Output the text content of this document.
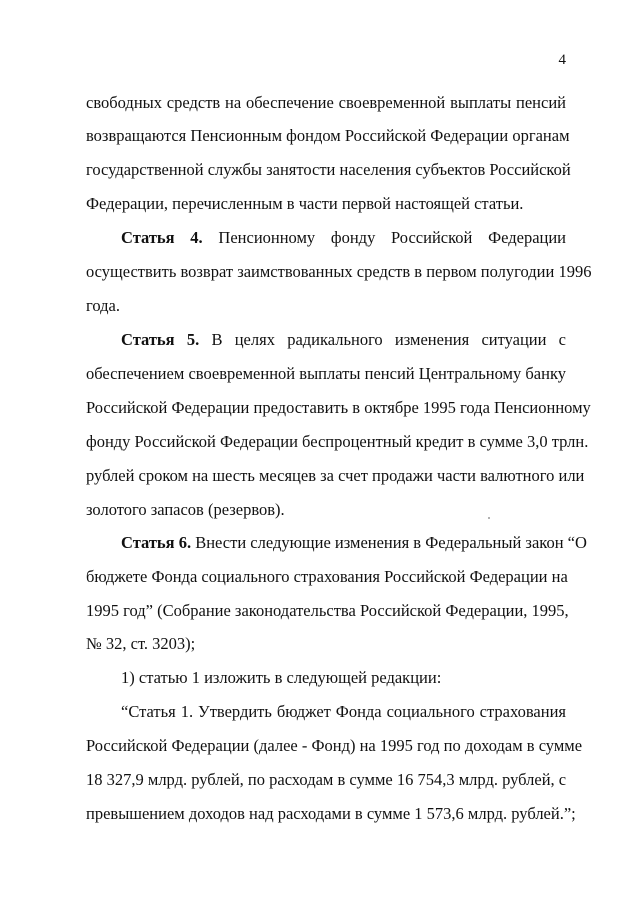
4
свободных средств на обеспечение своевременной выплаты пенсий
возвращаются Пенсионным фондом Российской Федерации органам
государственной службы занятости населения субъектов Российской
Федерации, перечисленным в части первой настоящей статьи.
Статья 4. Пенсионному фонду Российской Федерации
осуществить возврат заимствованных средств в первом полугодии 1996
года.
Статья 5. В целях радикального изменения ситуации с
обеспечением своевременной выплаты пенсий Центральному банку
Российской Федерации предоставить в октябре 1995 года Пенсионному
фонду Российской Федерации беспроцентный кредит в сумме 3,0 трлн.
рублей сроком на шесть месяцев за счет продажи части валютного или
золотого запасов (резервов).
Статья 6. Внести следующие изменения в Федеральный закон “О
бюджете Фонда социального страхования Российской Федерации на
1995 год” (Собрание законодательства Российской Федерации, 1995,
№ 32, ст. 3203);
1) статью 1 изложить в следующей редакции:
“Статья 1. Утвердить бюджет Фонда социального страхования
Российской Федерации (далее - Фонд) на 1995 год по доходам в сумме
18 327,9 млрд. рублей, по расходам в сумме 16 754,3 млрд. рублей, с
превышением доходов над расходами в сумме 1 573,6 млрд. рублей.”;
